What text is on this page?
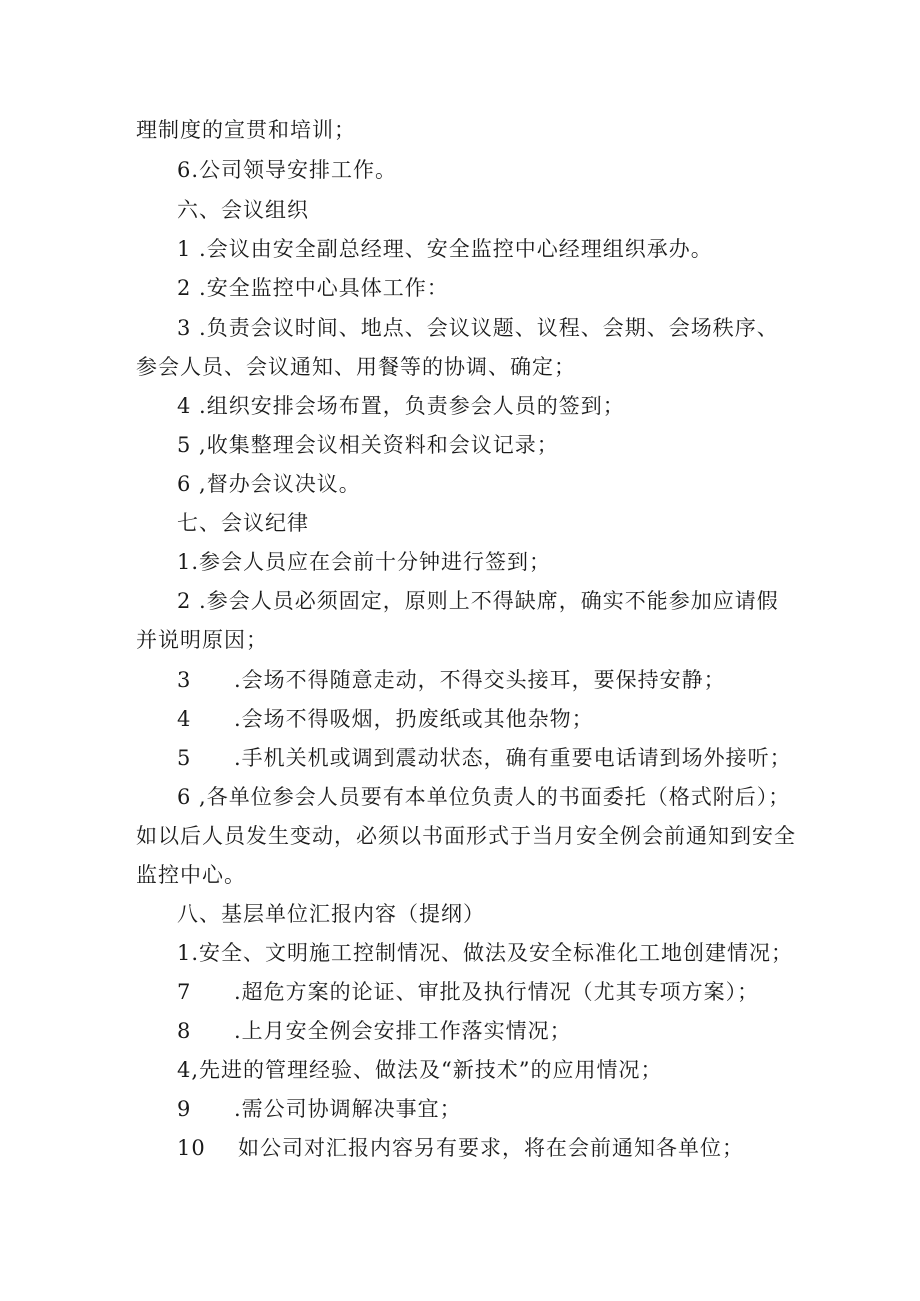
理制度的宣贯和培训；
6.公司领导安排工作。
六、会议组织
1 .会议由安全副总经理、安全监控中心经理组织承办。
2 .安全监控中心具体工作：
3 .负责会议时间、地点、会议议题、议程、会期、会场秩序、
参会人员、会议通知、用餐等的协调、确定；
4 .组织安排会场布置，负责参会人员的签到；
5 ,收集整理会议相关资料和会议记录；
6 ,督办会议决议。
七、会议纪律
1.参会人员应在会前十分钟进行签到；
2 .参会人员必须固定，原则上不得缺席，确实不能参加应请假
并说明原因；
3 .会场不得随意走动，不得交头接耳，要保持安静；
4 .会场不得吸烟，扔废纸或其他杂物；
5 .手机关机或调到震动状态，确有重要电话请到场外接听；
6 ,各单位参会人员要有本单位负责人的书面委托（格式附后）；
如以后人员发生变动，必须以书面形式于当月安全例会前通知到安全
监控中心。
八、基层单位汇报内容（提纲）
1.安全、文明施工控制情况、做法及安全标准化工地创建情况；
7 .超危方案的论证、审批及执行情况（尤其专项方案）；
8 .上月安全例会安排工作落实情况；
4,先进的管理经验、做法及“新技术”的应用情况；
9 .需公司协调解决事宜；
10 如公司对汇报内容另有要求，将在会前通知各单位；
